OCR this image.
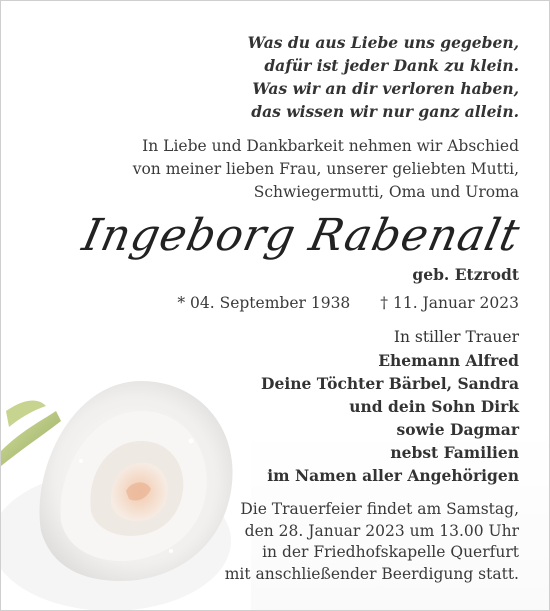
Was du aus Liebe uns gegeben,
dafür ist jeder Dank zu klein.
Was wir an dir verloren haben,
das wissen wir nur ganz allein.
In Liebe und Dankbarkeit nehmen wir Abschied
von meiner lieben Frau, unserer geliebten Mutti,
Schwiegermutti, Oma und Uroma
Ingeborg Rabenalt
geb. Etzrodt
* 04. September 1938 † 11. Januar 2023
In stiller Trauer
Ehemann Alfred
Deine Töchter Bärbel, Sandra
und dein Sohn Dirk
sowie Dagmar
nebst Familien
im Namen aller Angehörigen
Die Trauerfeier findet am Samstag,
den 28. Januar 2023 um 13.00 Uhr
in der Friedhofskapelle Querfurt
mit anschließender Beerdigung statt.
